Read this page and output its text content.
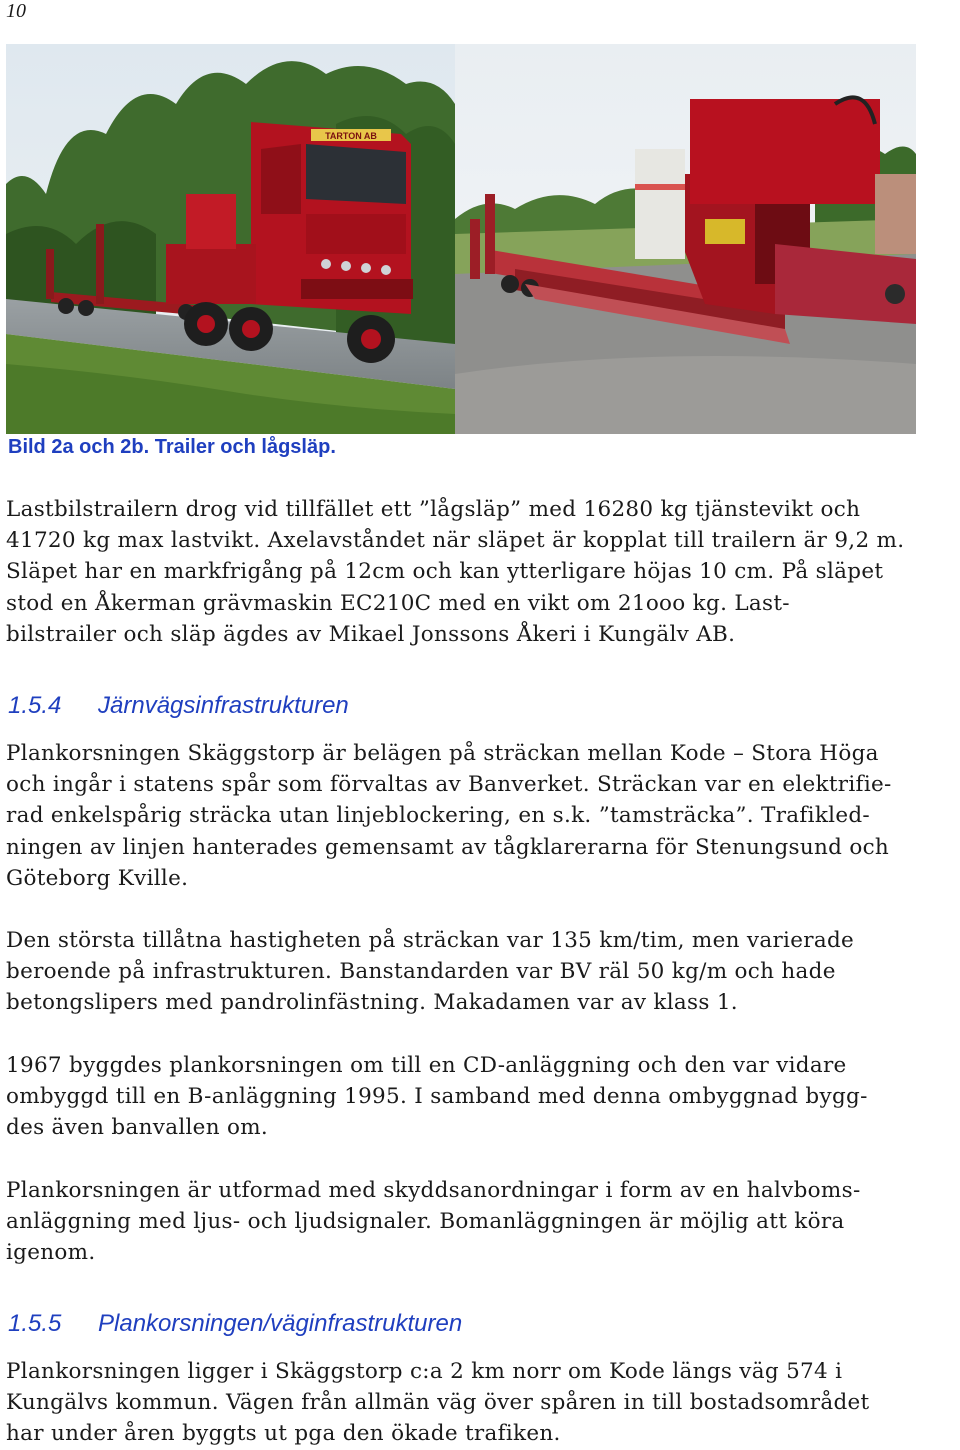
10
TARTON AB
Bild 2a och 2b. Trailer och lågsläp.

Lastbilstrailern drog vid tillfället ett ”lågsläp” med 16280 kg tjänstevikt och
41720 kg max lastvikt. Axelavståndet när släpet är kopplat till trailern är 9,2 m.
Släpet har en markfrigång på 12cm och kan ytterligare höjas 10 cm. På släpet
stod en Åkerman grävmaskin EC210C med en vikt om 21ooo kg. Last-
bilstrailer och släp ägdes av Mikael Jonssons Åkeri i Kungälv AB.

1.5.4 Järnvägsinfrastrukturen

Plankorsningen Skäggstorp är belägen på sträckan mellan Kode – Stora Höga
och ingår i statens spår som förvaltas av Banverket. Sträckan var en elektrifie-
rad enkelspårig sträcka utan linjeblockering, en s.k. ”tamsträcka”. Trafikled-
ningen av linjen hanterades gemensamt av tågklarerarna för Stenungsund och
Göteborg Kville.

Den största tillåtna hastigheten på sträckan var 135 km/tim, men varierade
beroende på infrastrukturen. Banstandarden var BV räl 50 kg/m och hade
betongslipers med pandrolinfästning. Makadamen var av klass 1.

1967 byggdes plankorsningen om till en CD-anläggning och den var vidare
ombyggd till en B-anläggning 1995. I samband med denna ombyggnad bygg-
des även banvallen om.

Plankorsningen är utformad med skyddsanordningar i form av en halvboms-
anläggning med ljus- och ljudsignaler. Bomanläggningen är möjlig att köra
igenom.

1.5.5 Plankorsningen/väginfrastrukturen

Plankorsningen ligger i Skäggstorp c:a 2 km norr om Kode längs väg 574 i
Kungälvs kommun. Vägen från allmän väg över spåren in till bostadsområdet
har under åren byggts ut pga den ökade trafiken.
